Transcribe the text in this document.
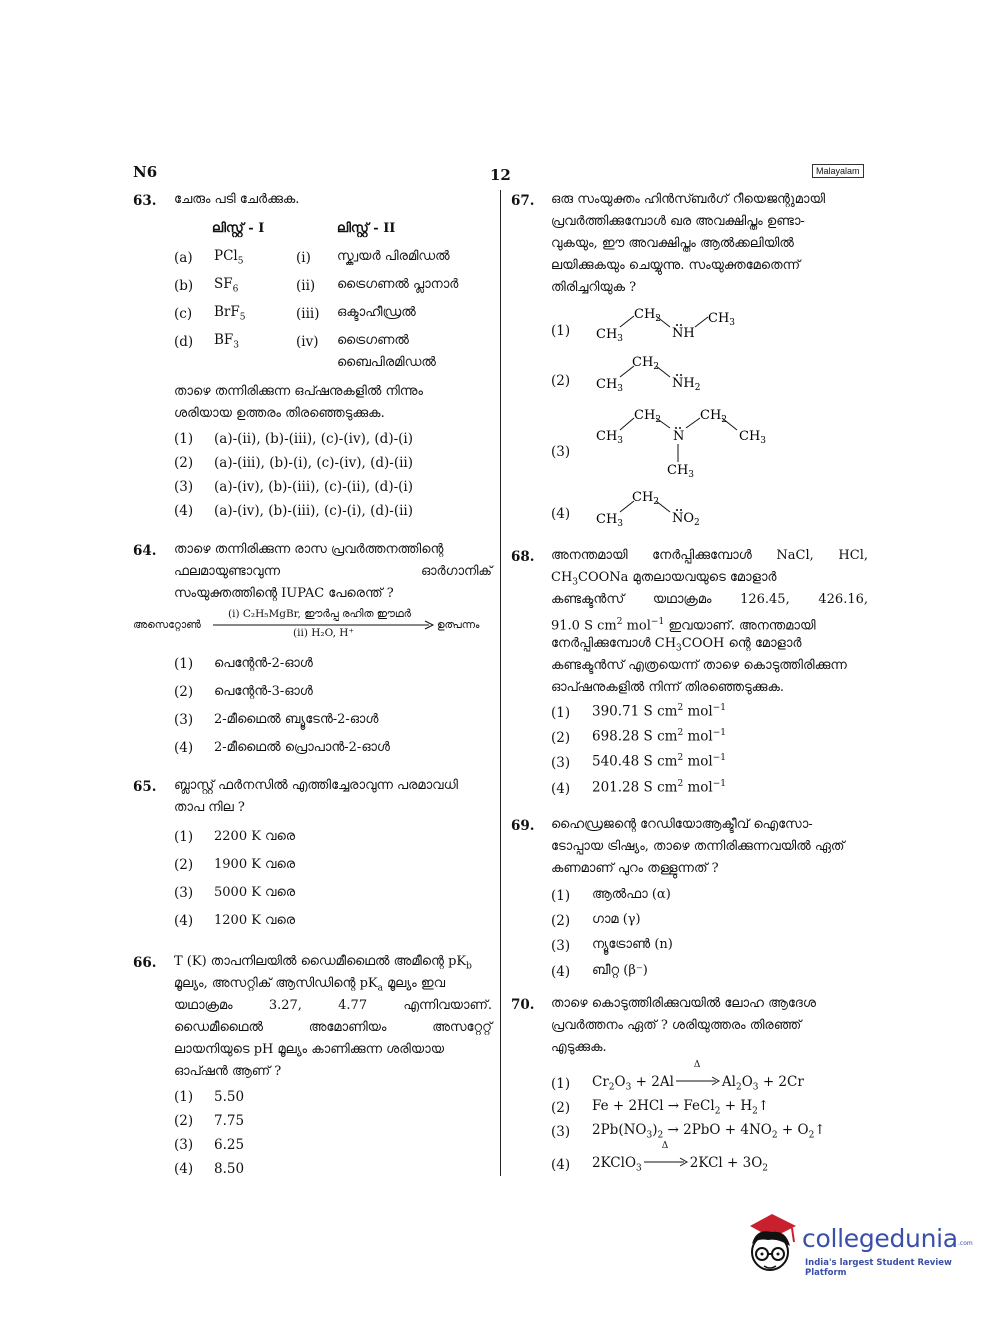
N6	12	Malayalam
63. ചേരും പടി ചേർക്കുക.
ലിസ്റ്റ് - I	ലിസ്റ്റ് - II
(a) PCl$_5$	(i) സ്ക്വയർ പിരമിഡൽ
(b) $SF_6$	(ii) ട്രൈഗണൽ പ്ലാനാർ
(c) BrF$_5$	(iii) ഒക്ടാഹീഡ്രൽ
(d) $BF_3$	(iv) ട്രൈഗണൽ
ബൈപിരമിഡൽ
താഴെ തന്നിരിക്കുന്ന ഒപ്ഷനുകളിൽ നിന്നും
ശരിയായ ഉത്തരം തിരഞ്ഞെടുക്കുക.
(1) (a)-(ii), (b)-(iii), (c)-(iv), (d)-(i)
(2) (a)-(iii), (b)-(i), (c)-(iv), (d)-(ii)
(3) (a)-(iv), (b)-(iii), (c)-(ii), (d)-(i)
(4) (a)-(iv), (b)-(iii), (c)-(i), (d)-(ii)
64. താഴെ തന്നിരിക്കുന്ന രാസ പ്രവർത്തനത്തിന്റെ
ഫലമായുണ്ടാവുന്ന ഓർഗാനിക്
സംയുക്തത്തിന്റെ IUPAC പേരെന്ത് ?
അസെറ്റോൺ
(i) C₂H₅MgBr, ഈർപ്പ രഹിത ഈഥർ
(ii) H₂O, H⁺
ഉത്പന്നം
(1) പെന്റേൻ-2-ഓൾ
(2) പെന്റേൻ-3-ഓൾ
(3) 2-മീഥൈൽ ബ്യൂടേൻ-2-ഓൾ
(4) 2-മീഥൈൽ പ്രൊപാൻ-2-ഓൾ
65. ബ്ലാസ്റ്റ് ഫർനസിൽ എത്തിച്ചേരാവുന്ന പരമാവധി
താപ നില ?
(1) 2200 K വരെ
(2) 1900 K വരെ
(3) 5000 K വരെ
(4) 1200 K വരെ
66. T (K) താപനിലയിൽ ഡൈമീഥൈൽ അമീന്റെ $pK_b$
മൂല്യം, അസറ്റിക് ആസിഡിന്റെ $pK_a$ മൂല്യം ഇവ
യഥാക്രമം 3.27, 4.77 എന്നിവയാണ്.
ഡൈമീഥൈൽ അമോണിയം അസറ്റേറ്റ്
ലായനിയുടെ pH മൂല്യം കാണിക്കുന്ന ശരിയായ
ഓപ്ഷൻ ആണ് ?
(1) 5.50
(2) 7.75
(3) 6.25
(4) 8.50
67. ഒരു സംയുക്തം ഹിൻസ്ബർഗ് റീയെജന്റുമായി
പ്രവർത്തിക്കുമ്പോൾ ഖര അവക്ഷിപ്തം ഉണ്ടാ-
വുകയും, ഈ അവക്ഷിപ്തം ആൽക്കലിയിൽ
ലയിക്കുകയും ചെയ്യുന്നു. സംയുക്തമേതെന്ന്
തിരിച്ചറിയുക ?
(1)
(2)
(3)
(4)
$CH_3$
$CH_2$
NH
$CH_3$
$CH_3$
$CH_2$
$NH_2$
$CH_3$
$CH_2$
N
$CH_2$
$CH_3$
$CH_3$
$CH_3$
$CH_2$
$NO_2$
68. അനന്തമായി നേർപ്പിക്കുമ്പോൾ NaCl, HCl,
$CH_3COONa$ മുതലായവയുടെ മോളാർ
കണ്ടക്ടൻസ് യഥാക്രമം 126.45, 426.16,
91.0 S $cm^2$ mol$^{-1}$ ഇവയാണ്. അനന്തമായി
നേർപ്പിക്കുമ്പോൾ $CH_3COOH$ ന്റെ മോളാർ
കണ്ടക്ടൻസ് എത്രയെന്ന് താഴെ കൊടുത്തിരിക്കുന്ന
ഓപ്ഷനുകളിൽ നിന്ന് തിരഞ്ഞെടുക്കുക.
(1) 390.71 S $cm^2$ mol$^{-1}$
(2) 698.28 S $cm^2$ mol$^{-1}$
(3) 540.48 S $cm^2$ mol$^{-1}$
(4) 201.28 S $cm^2$ mol$^{-1}$
69. ഹൈഡ്രജന്റെ റേഡിയോആക്ടീവ് ഐസോ-
ടോപ്പായ ട്രിഷ്യം, താഴെ തന്നിരിക്കുന്നവയിൽ ഏത്
കണമാണ് പുറം തള്ളുന്നത് ?
(1) ആൽഫാ (α)
(2) ഗാമ (γ)
(3) ന്യൂട്രോൺ (n)
(4) ബീറ്റ (β⁻)
70. താഴെ കൊടുത്തിരിക്കുവയിൽ ലോഹ ആദേശ
പ്രവർത്തനം ഏത് ? ശരിയുത്തരം തിരഞ്ഞ്
എടുക്കുക.
(1) $Cr_2O_3 + 2Al$
Δ
$Al_2O_3 + 2Cr$
(2) Fe + 2HCl → FeCl$_2$ + $H_2↑$
(3) $2Pb(NO_3)_2 \to 2PbO + 4NO_2$ + $O_2↑$
(4) 2KClO$_3$
Δ
$2KCl + 3O_2$
collegedunia .com
India's largest Student Review Platform
